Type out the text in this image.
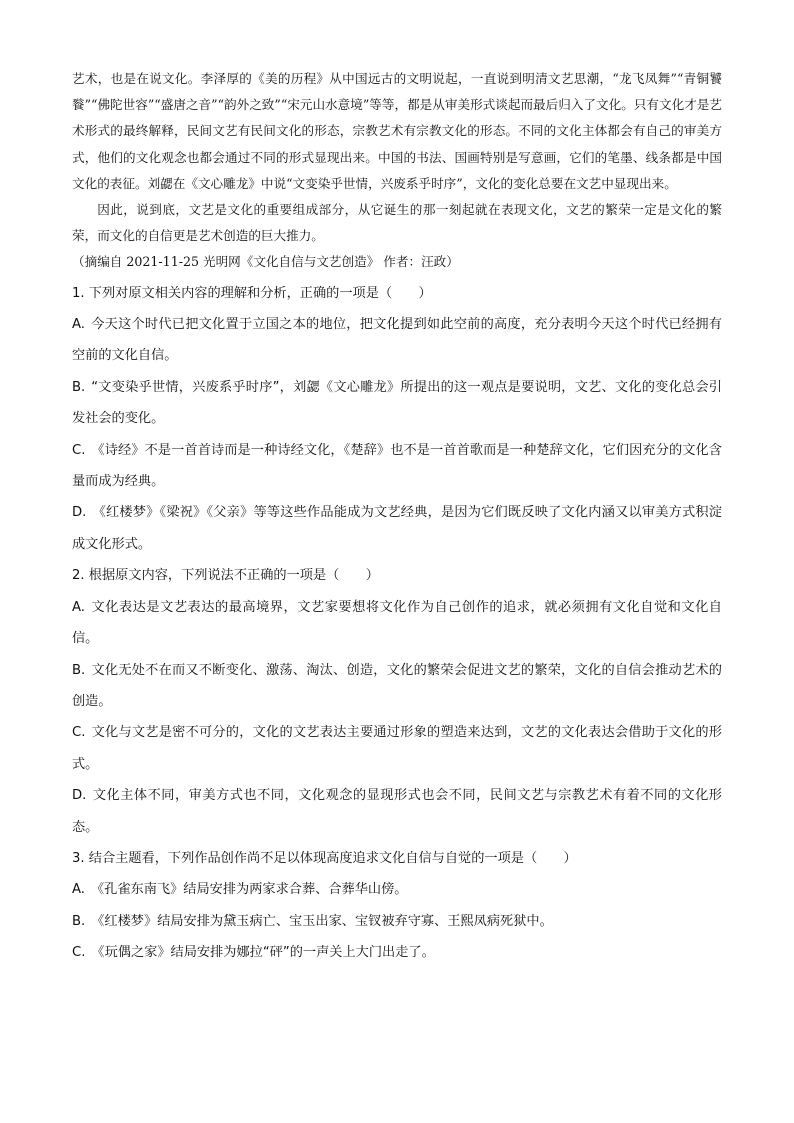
艺术，也是在说文化。李泽厚的《美的历程》从中国远古的文明说起，一直说到明清文艺思潮，“龙飞凤舞”“青铜饕餮”“佛陀世容”“盛唐之音”“韵外之致”“宋元山水意境”等等，都是从审美形式谈起而最后归入了文化。只有文化才是艺术形式的最终解释，民间文艺有民间文化的形态，宗教艺术有宗教文化的形态。不同的文化主体都会有自己的审美方式，他们的文化观念也都会通过不同的形式显现出来。中国的书法、国画特别是写意画，它们的笔墨、线条都是中国文化的表征。刘勰在《文心雕龙》中说“文变染乎世情，兴废系乎时序”，文化的变化总要在文艺中显现出来。

因此，说到底，文艺是文化的重要组成部分，从它诞生的那一刻起就在表现文化，文艺的繁荣一定是文化的繁荣，而文化的自信更是艺术创造的巨大推力。

（摘编自 2021-11-25 光明网《文化自信与文艺创造》 作者：汪政）

1. 下列对原文相关内容的理解和分析，正确的一项是（　　）

A. 今天这个时代已把文化置于立国之本的地位，把文化提到如此空前的高度，充分表明今天这个时代已经拥有空前的文化自信。

B. “文变染乎世情，兴废系乎时序”，刘勰《文心雕龙》所提出的这一观点是要说明，文艺、文化的变化总会引发社会的变化。

C. 《诗经》不是一首首诗而是一种诗经文化，《楚辞》也不是一首首歌而是一种楚辞文化，它们因充分的文化含量而成为经典。

D. 《红楼梦》《梁祝》《父亲》等等这些作品能成为文艺经典，是因为它们既反映了文化内涵又以审美方式积淀成文化形式。

2. 根据原文内容，下列说法不正确的一项是（　　）

A. 文化表达是文艺表达的最高境界，文艺家要想将文化作为自己创作的追求，就必须拥有文化自觉和文化自信。

B. 文化无处不在而又不断变化、激荡、淘汰、创造，文化的繁荣会促进文艺的繁荣，文化的自信会推动艺术的创造。

C. 文化与文艺是密不可分的，文化的文艺表达主要通过形象的塑造来达到，文艺的文化表达会借助于文化的形式。

D. 文化主体不同，审美方式也不同，文化观念的显现形式也会不同，民间文艺与宗教艺术有着不同的文化形态。

3. 结合主题看，下列作品创作尚不足以体现高度追求文化自信与自觉的一项是（　　）

A. 《孔雀东南飞》结局安排为两家求合葬、合葬华山傍。

B. 《红楼梦》结局安排为黛玉病亡、宝玉出家、宝钗被弃守寡、王熙凤病死狱中。

C. 《玩偶之家》结局安排为娜拉“砰”的一声关上大门出走了。
